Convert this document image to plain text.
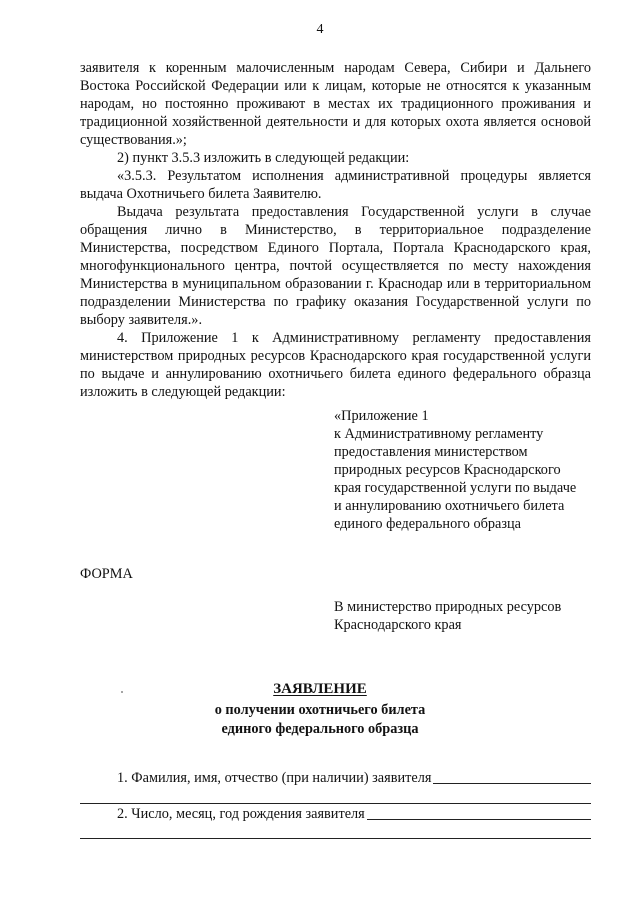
4

заявителя к коренным малочисленным народам Севера, Сибири и Дальнего Востока Российской Федерации или к лицам, которые не относятся к указанным народам, но постоянно проживают в местах их традиционного проживания и традиционной хозяйственной деятельности и для которых охота является основой существования.»;

2) пункт 3.5.3 изложить в следующей редакции:

«3.5.3. Результатом исполнения административной процедуры является выдача Охотничьего билета Заявителю.

Выдача результата предоставления Государственной услуги в случае обращения лично в Министерство, в территориальное подразделение Министерства, посредством Единого Портала, Портала Краснодарского края, многофункционального центра, почтой осуществляется по месту нахождения Министерства в муниципальном образовании г. Краснодар или в территориальном подразделении Министерства по графику оказания Государственной услуги по выбору заявителя.».

4. Приложение 1 к Административному регламенту предоставления министерством природных ресурсов Краснодарского края государственной услуги по выдаче и аннулированию охотничьего билета единого федерального образца изложить в следующей редакции:

«Приложение 1
к Административному регламенту
предоставления министерством
природных ресурсов Краснодарского
края государственной услуги по выдаче
и аннулированию охотничьего билета
единого федерального образца
ФОРМА
В министерство природных ресурсов
Краснодарского края
ЗАЯВЛЕНИЕ
о получении охотничьего билета
единого федерального образца
1. Фамилия, имя, отчество (при наличии) заявителя
2. Число, месяц, год рождения заявителя
